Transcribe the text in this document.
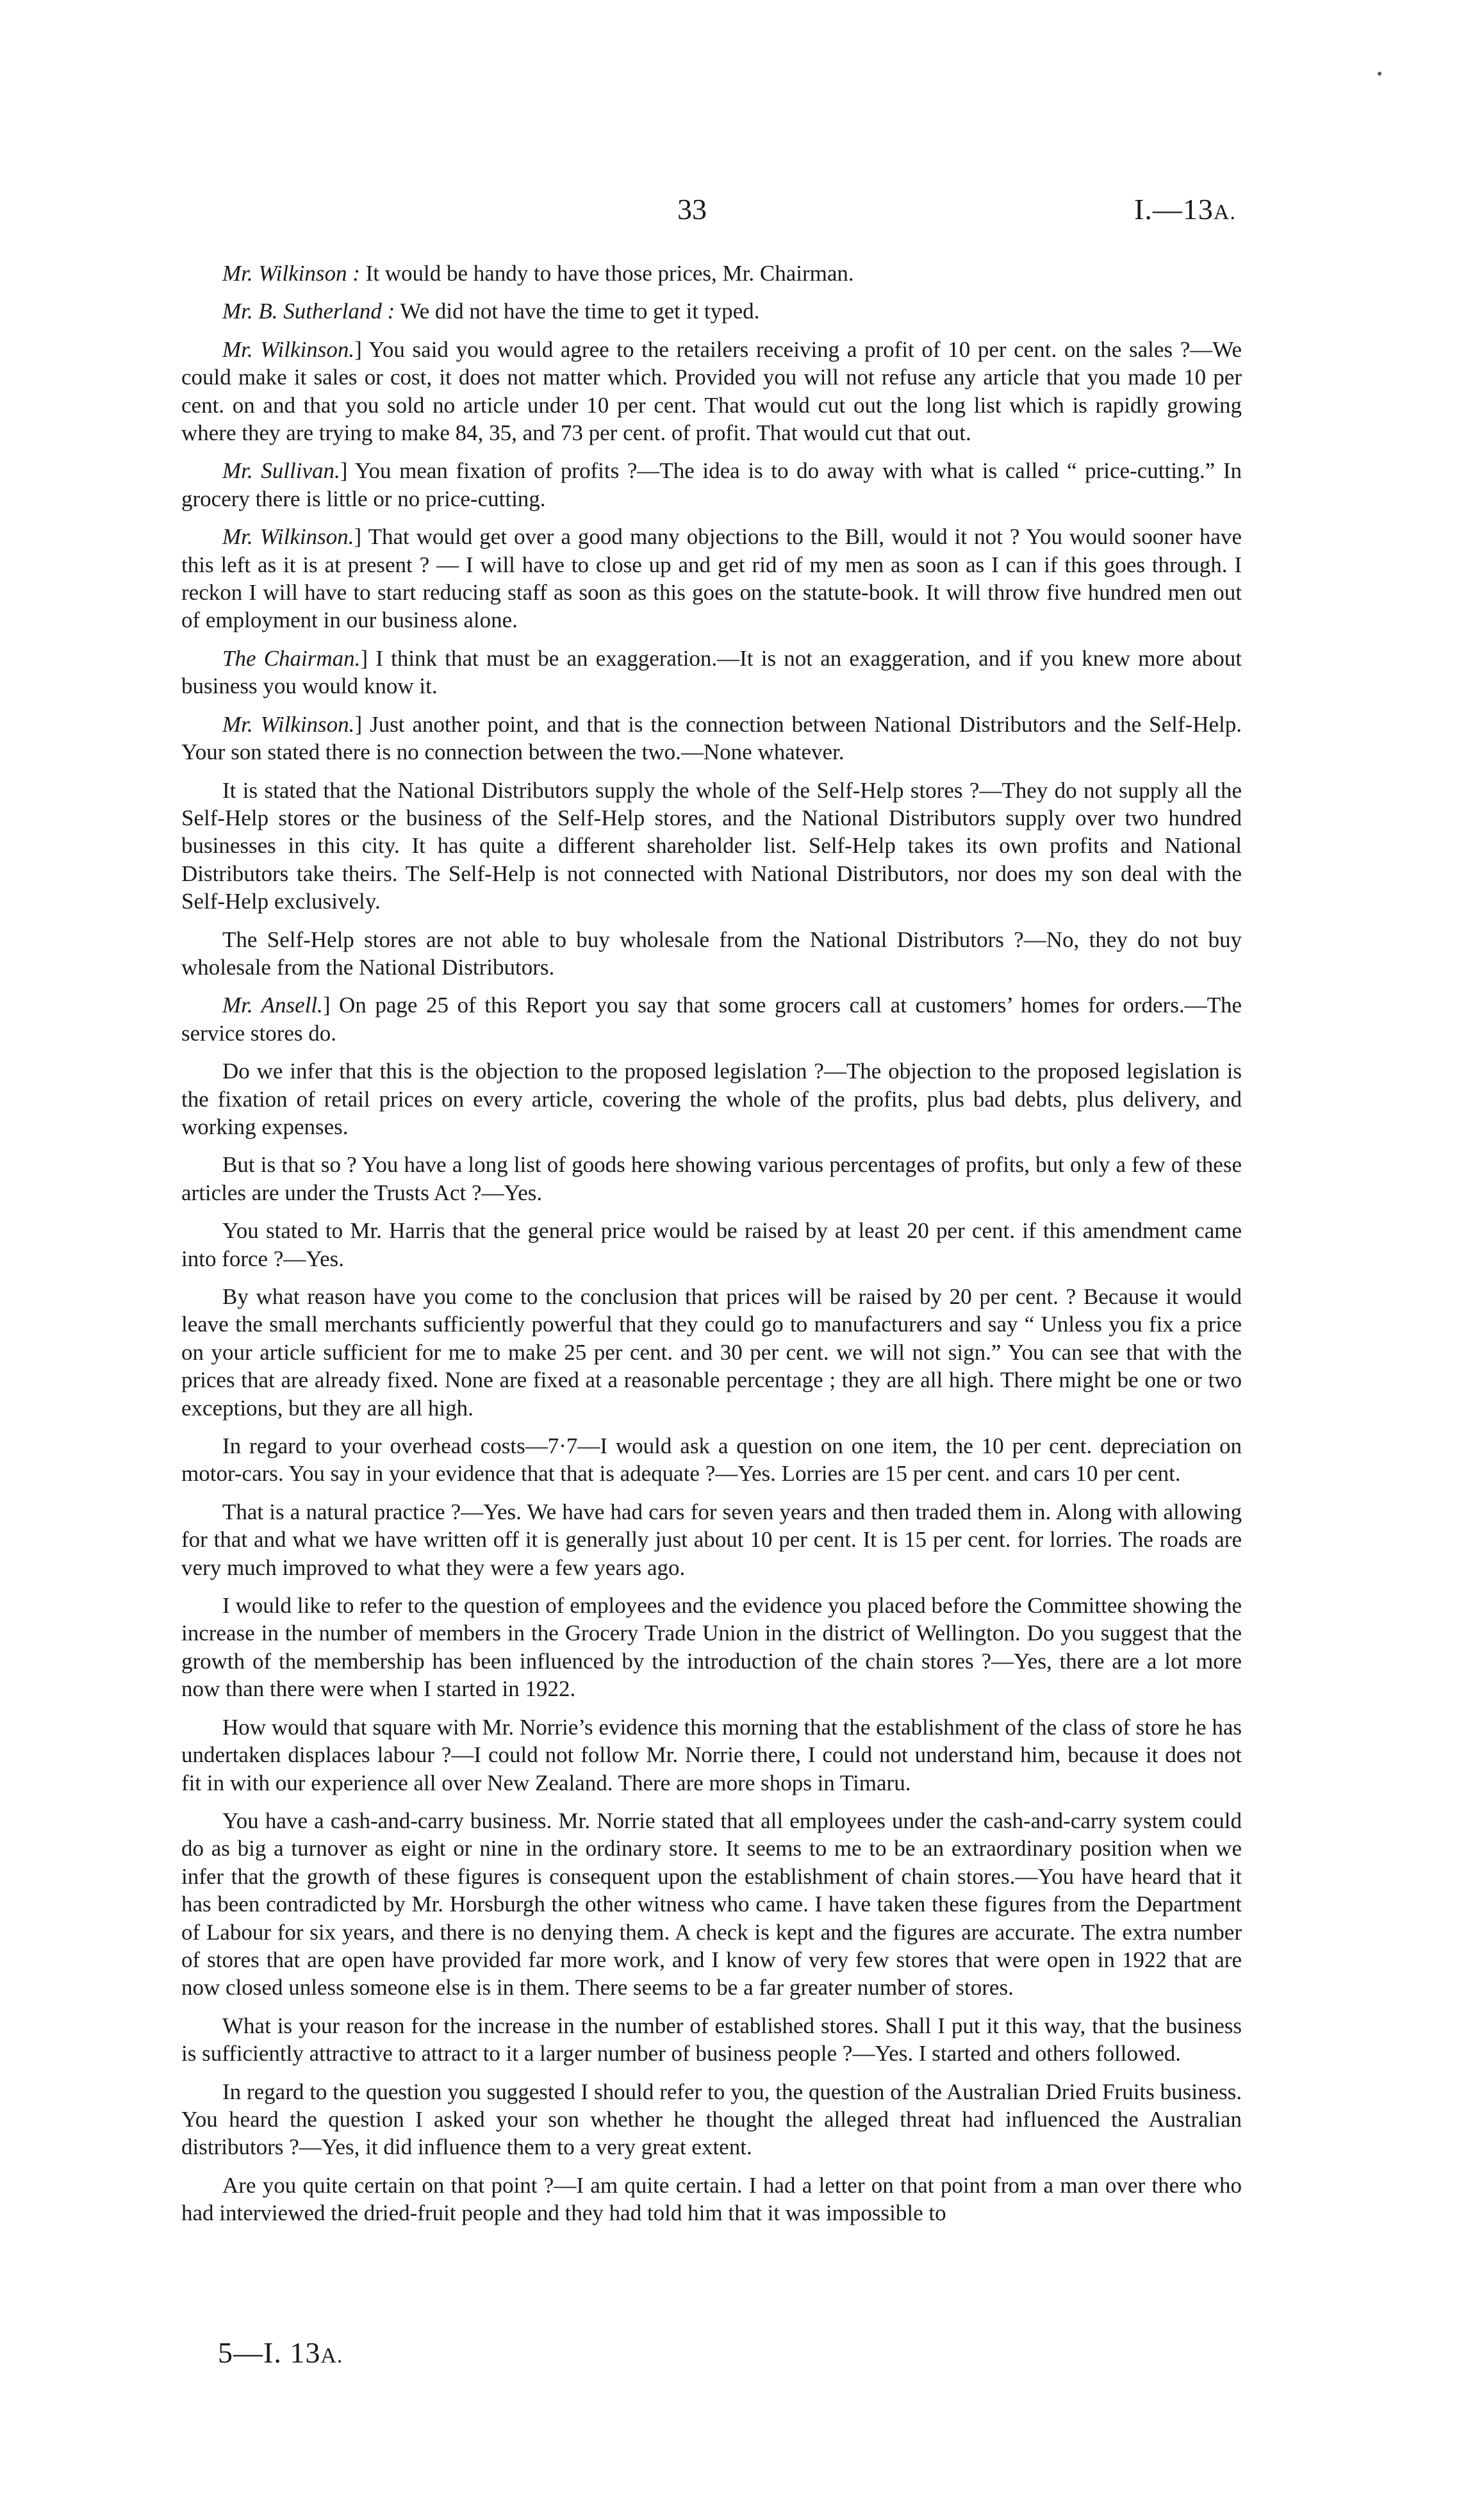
33	I.—13A.

Mr. Wilkinson : It would be handy to have those prices, Mr. Chairman.

Mr. B. Sutherland : We did not have the time to get it typed.

Mr. Wilkinson.] You said you would agree to the retailers receiving a profit of 10 per cent. on the sales ?—We could make it sales or cost, it does not matter which. Provided you will not refuse any article that you made 10 per cent. on and that you sold no article under 10 per cent. That would cut out the long list which is rapidly growing where they are trying to make 84, 35, and 73 per cent. of profit. That would cut that out.

Mr. Sullivan.] You mean fixation of profits ?—The idea is to do away with what is called “ price-cutting.” In grocery there is little or no price-cutting.

Mr. Wilkinson.] That would get over a good many objections to the Bill, would it not ? You would sooner have this left as it is at present ? — I will have to close up and get rid of my men as soon as I can if this goes through. I reckon I will have to start reducing staff as soon as this goes on the statute-book. It will throw five hundred men out of employment in our business alone.

The Chairman.] I think that must be an exaggeration.—It is not an exaggeration, and if you knew more about business you would know it.

Mr. Wilkinson.] Just another point, and that is the connection between National Distributors and the Self-Help. Your son stated there is no connection between the two.—None whatever.

It is stated that the National Distributors supply the whole of the Self-Help stores ?—They do not supply all the Self-Help stores or the business of the Self-Help stores, and the National Distributors supply over two hundred businesses in this city. It has quite a different shareholder list. Self-Help takes its own profits and National Distributors take theirs. The Self-Help is not connected with National Distributors, nor does my son deal with the Self-Help exclusively.

The Self-Help stores are not able to buy wholesale from the National Distributors ?—No, they do not buy wholesale from the National Distributors.

Mr. Ansell.] On page 25 of this Report you say that some grocers call at customers’ homes for orders.—The service stores do.

Do we infer that this is the objection to the proposed legislation ?—The objection to the proposed legislation is the fixation of retail prices on every article, covering the whole of the profits, plus bad debts, plus delivery, and working expenses.

But is that so ? You have a long list of goods here showing various percentages of profits, but only a few of these articles are under the Trusts Act ?—Yes.

You stated to Mr. Harris that the general price would be raised by at least 20 per cent. if this amendment came into force ?—Yes.

By what reason have you come to the conclusion that prices will be raised by 20 per cent. ? Because it would leave the small merchants sufficiently powerful that they could go to manufacturers and say “ Unless you fix a price on your article sufficient for me to make 25 per cent. and 30 per cent. we will not sign.” You can see that with the prices that are already fixed. None are fixed at a reasonable percentage ; they are all high. There might be one or two exceptions, but they are all high.

In regard to your overhead costs—7·7—I would ask a question on one item, the 10 per cent. depreciation on motor-cars. You say in your evidence that that is adequate ?—Yes. Lorries are 15 per cent. and cars 10 per cent.

That is a natural practice ?—Yes. We have had cars for seven years and then traded them in. Along with allowing for that and what we have written off it is generally just about 10 per cent. It is 15 per cent. for lorries. The roads are very much improved to what they were a few years ago.

I would like to refer to the question of employees and the evidence you placed before the Committee showing the increase in the number of members in the Grocery Trade Union in the district of Wellington. Do you suggest that the growth of the membership has been influenced by the introduction of the chain stores ?—Yes, there are a lot more now than there were when I started in 1922.

How would that square with Mr. Norrie’s evidence this morning that the establishment of the class of store he has undertaken displaces labour ?—I could not follow Mr. Norrie there, I could not understand him, because it does not fit in with our experience all over New Zealand. There are more shops in Timaru.

You have a cash-and-carry business. Mr. Norrie stated that all employees under the cash-and-carry system could do as big a turnover as eight or nine in the ordinary store. It seems to me to be an extraordinary position when we infer that the growth of these figures is consequent upon the establishment of chain stores.—You have heard that it has been contradicted by Mr. Horsburgh the other witness who came. I have taken these figures from the Department of Labour for six years, and there is no denying them. A check is kept and the figures are accurate. The extra number of stores that are open have provided far more work, and I know of very few stores that were open in 1922 that are now closed unless someone else is in them. There seems to be a far greater number of stores.

What is your reason for the increase in the number of established stores. Shall I put it this way, that the business is sufficiently attractive to attract to it a larger number of business people ?—Yes. I started and others followed.

In regard to the question you suggested I should refer to you, the question of the Australian Dried Fruits business. You heard the question I asked your son whether he thought the alleged threat had influenced the Australian distributors ?—Yes, it did influence them to a very great extent.

Are you quite certain on that point ?—I am quite certain. I had a letter on that point from a man over there who had interviewed the dried-fruit people and they had told him that it was impossible to

5—I. 13A.
